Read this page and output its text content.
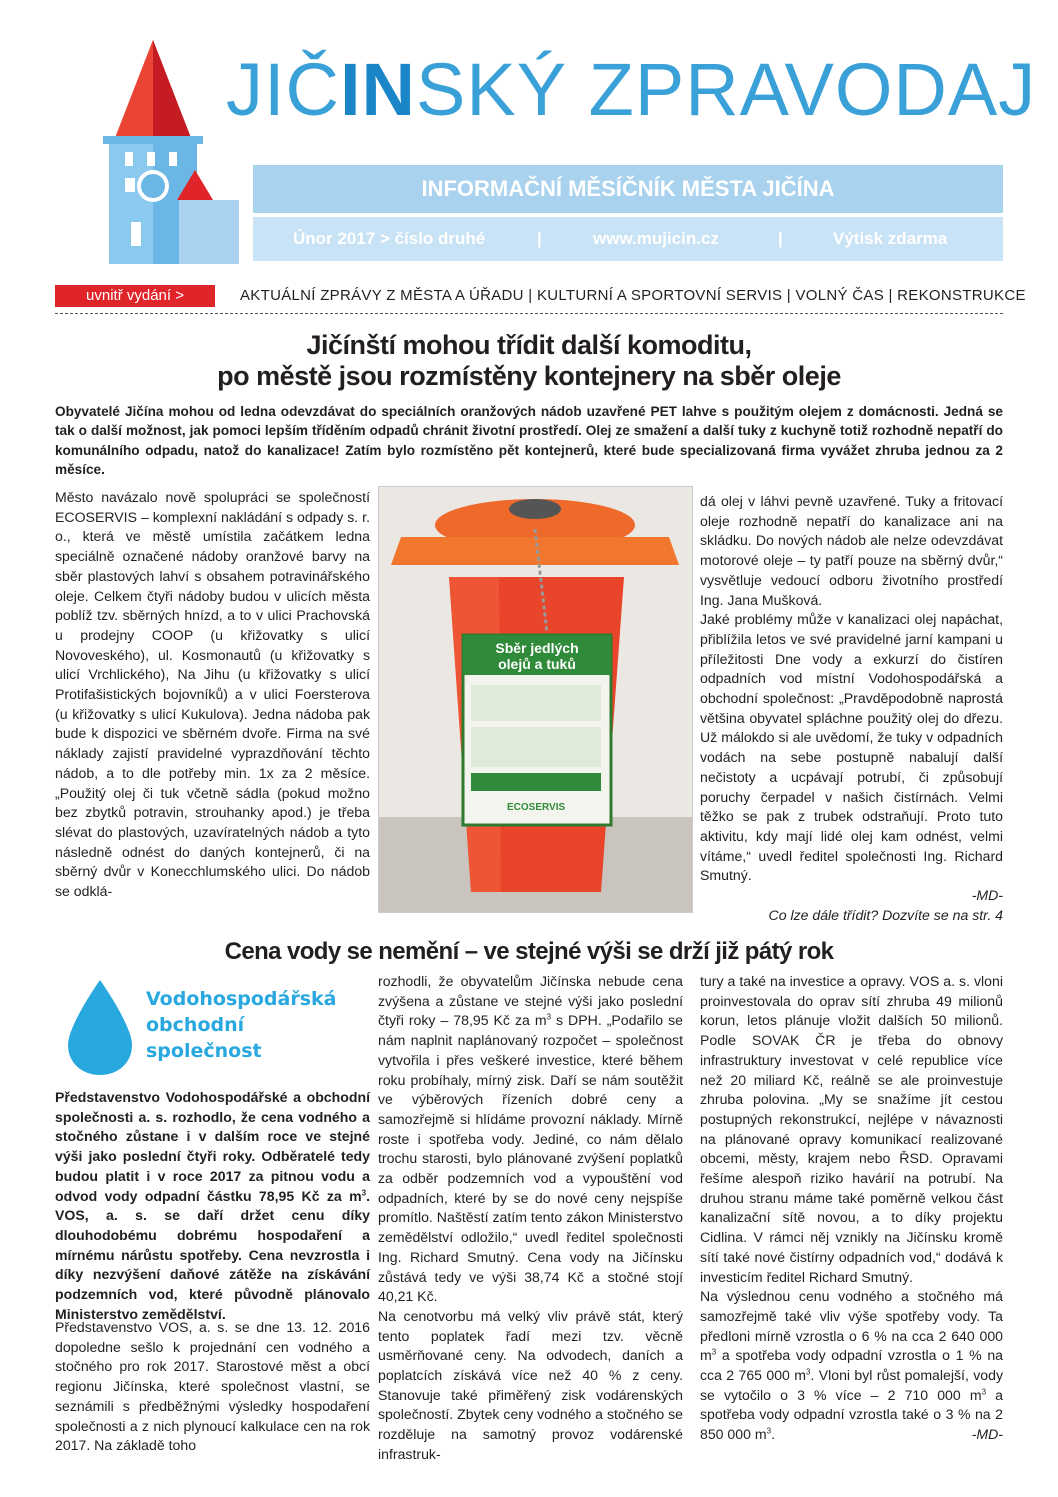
JIČINSKÝ ZPRAVODAJ
INFORMAČNÍ MĚSÍČNÍK MĚSTA JIČÍNA
Únor 2017 > číslo druhé	|	www.mujicin.cz	|	Výtisk zdarma
uvnitř vydání >	AKTUÁLNÍ ZPRÁVY Z MĚSTA A ÚŘADU | KULTURNÍ A SPORTOVNÍ SERVIS | VOLNÝ ČAS | REKONSTRUKCE
Jičínští mohou třídit další komoditu,
po městě jsou rozmístěny kontejnery na sběr oleje
Obyvatelé Jičína mohou od ledna odevzdávat do speciálních oranžových nádob uzavřené PET lahve s použitým olejem z domácnosti. Jedná se tak o další možnost, jak pomoci lepším tříděním odpadů chránit životní prostředí. Olej ze smažení a další tuky z kuchyně totiž rozhodně nepatří do komunálního odpadu, natož do kanalizace! Zatím bylo rozmístěno pět kontejnerů, které bude specializovaná firma vyvážet zhruba jednou za 2 měsíce.
Město navázalo nově spolupráci se společností ECOSERVIS – komplexní nakládání s odpady s. r. o., která ve městě umístila začátkem ledna speciálně označené nádoby oranžové barvy na sběr plastových lahví s obsahem potravinářského oleje. Celkem čtyři nádoby budou v ulicích města poblíž tzv. sběrných hnízd, a to v ulici Prachovská u prodejny COOP (u křižovatky s ulicí Novoveského), ul. Kosmonautů (u křižovatky s ulicí Vrchlického), Na Jihu (u křižovatky s ulicí Protifašistických bojovníků) a v ulici Foersterova (u křižovatky s ulicí Kukulova). Jedna nádoba pak bude k dispozici ve sběrném dvoře. Firma na své náklady zajistí pravidelné vyprazdňování těchto nádob, a to dle potřeby min. 1x za 2 měsíce. „Použitý olej či tuk včetně sádla (pokud možno bez zbytků potravin, strouhanky apod.) je třeba slévat do plastových, uzavíratelných nádob a tyto následně odnést do daných kontejnerů, či na sběrný dvůr v Konecchlumského ulici. Do nádob se odklá-
Sběr jedlých
olejů a tuků
ECOSERVIS
dá olej v láhvi pevně uzavřené. Tuky a fritovací oleje rozhodně nepatří do kanalizace ani na skládku. Do nových nádob ale nelze odevzdávat motorové oleje – ty patří pouze na sběrný dvůr,“ vysvětluje vedoucí odboru životního prostředí Ing. Jana Mušková.
Jaké problémy může v kanalizaci olej napáchat, přiblížila letos ve své pravidelné jarní kampani u příležitosti Dne vody a exkurzí do čistíren odpadních vod místní Vodohospodářská a obchodní společnost: „Pravděpodobně naprostá většina obyvatel spláchne použitý olej do dřezu. Už málokdo si ale uvědomí, že tuky v odpadních vodách na sebe postupně nabalují další nečistoty a ucpávají potrubí, či způsobují poruchy čerpadel v našich čistírnách. Velmi těžko se pak z trubek odstraňují. Proto tuto aktivitu, kdy mají lidé olej kam odnést, velmi vítáme,“ uvedl ředitel společnosti Ing. Richard Smutný.
-MD-
Co lze dále třídit? Dozvíte se na str. 4
Cena vody se nemění – ve stejné výši se drží již pátý rok
Vodohospodářská
obchodní
společnost
Představenstvo Vodohospodářské a obchodní společnosti a. s. rozhodlo, že cena vodného a stočného zůstane i v dalším roce ve stejné výši jako poslední čtyři roky. Odběratelé tedy budou platit i v roce 2017 za pitnou vodu a odvod vody odpadní částku 78,95 Kč za $m^3$. VOS, a. s. se daří držet cenu díky dlouhodobému dobrému hospodaření a mírnému nárůstu spotřeby. Cena nevzrostla i díky nezvýšení daňové zátěže na získávání podzemních vod, které původně plánovalo Ministerstvo zemědělství.
Představenstvo VOS, a. s. se dne 13. 12. 2016 dopoledne sešlo k projednání cen vodného a stočného pro rok 2017. Starostové měst a obcí regionu Jičínska, které společnost vlastní, se seznámili s předběžnými výsledky hospodaření společnosti a z nich plynoucí kalkulace cen na rok 2017. Na základě toho
rozhodli, že obyvatelům Jičínska nebude cena zvýšena a zůstane ve stejné výši jako poslední čtyři roky – 78,95 Kč za $m^3$ s DPH. „Podařilo se nám naplnit naplánovaný rozpočet – společnost vytvořila i přes veškeré investice, které během roku probíhaly, mírný zisk. Daří se nám soutěžit ve výběrových řízeních dobré ceny a samozřejmě si hlídáme provozní náklady. Mírně roste i spotřeba vody. Jediné, co nám dělalo trochu starosti, bylo plánované zvýšení poplatků za odběr podzemních vod a vypouštění vod odpadních, které by se do nové ceny nejspíše promítlo. Naštěstí zatím tento zákon Ministerstvo zemědělství odložilo,“ uvedl ředitel společnosti Ing. Richard Smutný. Cena vody na Jičínsku zůstává tedy ve výši 38,74 Kč a stočné stojí 40,21 Kč.
Na cenotvorbu má velký vliv právě stát, který tento poplatek řadí mezi tzv. věcně usměrňované ceny. Na odvodech, daních a poplatcích získává více než 40 % z ceny. Stanovuje také přiměřený zisk vodárenských společností. Zbytek ceny vodného a stočného se rozděluje na samotný provoz vodárenské infrastruk-
tury a také na investice a opravy. VOS a. s. vloni proinvestovala do oprav sítí zhruba 49 milionů korun, letos plánuje vložit dalších 50 milionů. Podle SOVAK ČR je třeba do obnovy infrastruktury investovat v celé republice více než 20 miliard Kč, reálně se ale proinvestuje zhruba polovina. „My se snažíme jít cestou postupných rekonstrukcí, nejlépe v návaznosti na plánované opravy komunikací realizované obcemi, městy, krajem nebo ŘSD. Opravami řešíme alespoň riziko havárií na potrubí. Na druhou stranu máme také poměrně velkou část kanalizační sítě novou, a to díky projektu Cidlina. V rámci něj vznikly na Jičínsku kromě sítí také nové čistírny odpadních vod,“ dodává k investicím ředitel Richard Smutný.
Na výslednou cenu vodného a stočného má samozřejmě také vliv výše spotřeby vody. Ta předloni mírně vzrostla o 6 % na cca 2 640 000 $m^3$ a spotřeba vody odpadní vzrostla o 1 % na cca 2 765 000 $m^3$. Vloni byl růst pomalejší, vody se vytočilo o 3 % více – 2 710 000 $m^3$ a spotřeba vody odpadní vzrostla také o 3 % na 2 850 000 $m^3$.	-MD-
